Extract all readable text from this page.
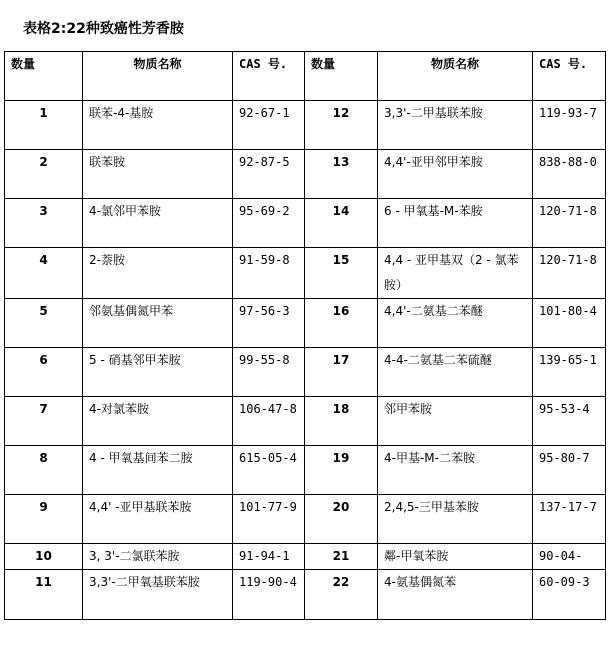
表格2:22种致癌性芳香胺
数量	物质名称	CAS 号.	数量	物质名称	CAS 号.
1	联苯-4-基胺	92-67-1	12	3,3'-二甲基联苯胺	119-93-7
2	联苯胺	92-87-5	13	4,4'-亚甲邻甲苯胺	838-88-0
3	4-氯邻甲苯胺	95-69-2	14	6 - 甲氧基-M-苯胺	120-71-8
4	2-萘胺	91-59-8	15	4,4 - 亚甲基双（2 - 氯苯胺）	120-71-8
5	邻氨基偶氮甲苯	97-56-3	16	4,4'-二氨基二苯醚	101-80-4
6	5 - 硝基邻甲苯胺	99-55-8	17	4-4-二氨基二苯硫醚	139-65-1
7	4-对氯苯胺	106-47-8	18	邻甲苯胺	95-53-4
8	4 - 甲氧基间苯二胺	615-05-4	19	4-甲基-M-二苯胺	95-80-7
9	4,4' -亚甲基联苯胺	101-77-9	20	2,4,5-三甲基苯胺	137-17-7
10	3, 3'-二氯联苯胺	91-94-1	21	鄰-甲氧苯胺	90-04-
11	3,3'-二甲氧基联苯胺	119-90-4	22	4-氨基偶氮苯	60-09-3
